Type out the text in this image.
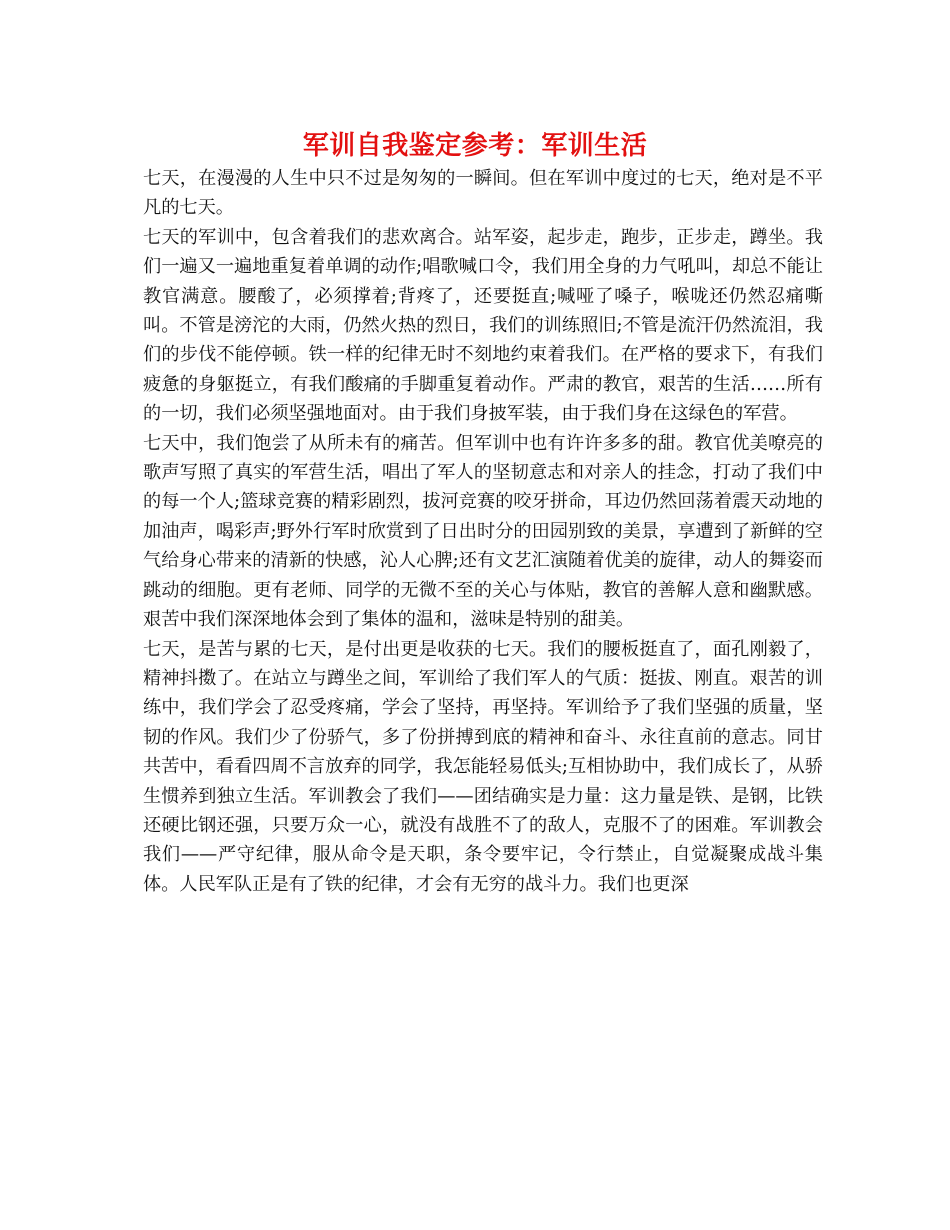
军训自我鉴定参考：军训生活

七天，在漫漫的人生中只不过是匆匆的一瞬间。但在军训中度过的七天，绝对是不平凡的七天。

七天的军训中，包含着我们的悲欢离合。站军姿，起步走，跑步，正步走，蹲坐。我们一遍又一遍地重复着单调的动作;唱歌喊口令，我们用全身的力气吼叫，却总不能让教官满意。腰酸了，必须撑着;背疼了，还要挺直;喊哑了嗓子，喉咙还仍然忍痛嘶叫。不管是滂沱的大雨，仍然火热的烈日，我们的训练照旧;不管是流汗仍然流泪，我们的步伐不能停顿。铁一样的纪律无时不刻地约束着我们。在严格的要求下，有我们疲惫的身躯挺立，有我们酸痛的手脚重复着动作。严肃的教官，艰苦的生活……所有的一切，我们必须坚强地面对。由于我们身披军装，由于我们身在这绿色的军营。

七天中，我们饱尝了从所未有的痛苦。但军训中也有许许多多的甜。教官优美嘹亮的歌声写照了真实的军营生活，唱出了军人的坚韧意志和对亲人的挂念，打动了我们中的每一个人;篮球竞赛的精彩剧烈，拔河竞赛的咬牙拼命，耳边仍然回荡着震天动地的加油声，喝彩声;野外行军时欣赏到了日出时分的田园别致的美景，享遭到了新鲜的空气给身心带来的清新的快感，沁人心脾;还有文艺汇演随着优美的旋律，动人的舞姿而跳动的细胞。更有老师、同学的无微不至的关心与体贴，教官的善解人意和幽默感。艰苦中我们深深地体会到了集体的温和，滋味是特别的甜美。

七天，是苦与累的七天，是付出更是收获的七天。我们的腰板挺直了，面孔刚毅了，精神抖擞了。在站立与蹲坐之间，军训给了我们军人的气质：挺拔、刚直。艰苦的训练中，我们学会了忍受疼痛，学会了坚持，再坚持。军训给予了我们坚强的质量，坚韧的作风。我们少了份骄气，多了份拼搏到底的精神和奋斗、永往直前的意志。同甘共苦中，看看四周不言放弃的同学，我怎能轻易低头;互相协助中，我们成长了，从骄生惯养到独立生活。军训教会了我们——团结确实是力量：这力量是铁、是钢，比铁还硬比钢还强，只要万众一心，就没有战胜不了的敌人，克服不了的困难。军训教会我们——严守纪律，服从命令是天职，条令要牢记，令行禁止，自觉凝聚成战斗集体。人民军队正是有了铁的纪律，才会有无穷的战斗力。我们也更深
